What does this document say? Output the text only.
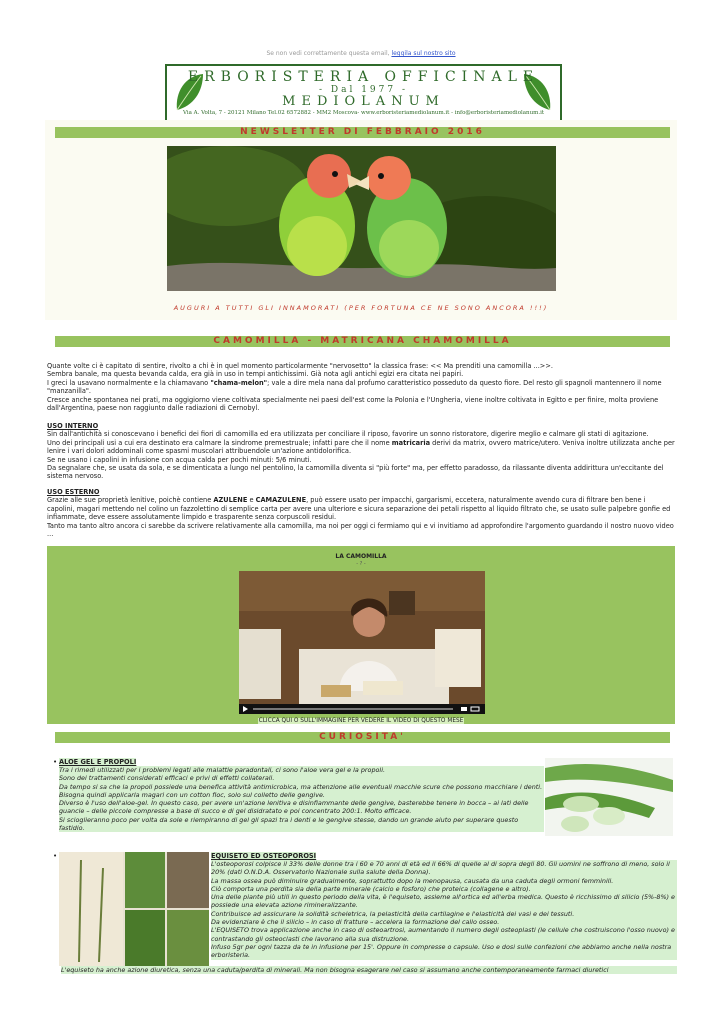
Se non vedi correttamente questa email, leggila sul nostro sito
ERBORISTERIA OFFICINALE
- Dal 1977 -
MEDIOLANUM
Via A. Volta, 7 - 20121 Milano Tel.02 6572882 - MM2 Moscova- www.erboristeriamediolanum.it - info@erboristeriamediolanum.it
NEWSLETTER DI FEBBRAIO 2016
AUGURI A TUTTI GLI INNAMORATI (PER FORTUNA CE NE SONO ANCORA !!!)
CAMOMILLA - MATRICANA CHAMOMILLA

Quante volte ci è capitato di sentire, rivolto a chi è in quel momento particolarmente "nervosetto" la classica frase: << Ma prenditi una camomilla ...>>.

Sembra banale, ma questa bevanda calda, era già in uso in tempi antichissimi. Già nota agli antichi egizi era citata nei papiri.

I greci la usavano normalmente e la chiamavano "chama-melon"; vale a dire mela nana dal profumo caratteristico posseduto da questo fiore. Del resto gli spagnoli mantennero il nome "manzanilla".

Cresce anche spontanea nei prati, ma oggigiorno viene coltivata specialmente nei paesi dell'est come la Polonia e l'Ungheria, viene inoltre coltivata in Egitto e per finire, molta proviene dall'Argentina, paese non raggiunto dalle radiazioni di Cernobyl.

USO INTERNO

Sin dall'antichità si conoscevano i benefici dei fiori di camomilla ed era utilizzata per conciliare il riposo, favorire un sonno ristoratore, digerire meglio e calmare gli stati di agitazione.

Uno dei principali usi a cui era destinato era calmare la sindrome premestruale; infatti pare che il nome matricaria derivi da matrix, ovvero matrice/utero. Veniva inoltre utilizzata anche per lenire i vari dolori addominali come spasmi muscolari attribuendole un'azione antidolorifica.

Se ne usano i capolini in infusione con acqua calda per pochi minuti: 5/6 minuti.

Da segnalare che, se usata da sola, e se dimenticata a lungo nel pentolino, la camomilla diventa si "più forte" ma, per effetto paradosso, da rilassante diventa addirittura un'eccitante del sistema nervoso.

USO ESTERNO

Grazie alle sue proprietà lenitive, poichè contiene AZULENE e CAMAZULENE, può essere usato per impacchi, gargarismi, eccetera, naturalmente avendo cura di filtrare ben bene i capolini, magari mettendo nel colino un fazzolettino di semplice carta per avere una ulteriore e sicura separazione dei petali rispetto al liquido filtrato che, se usato sulle palpebre gonfie ed infiammate, deve essere assolutamente limpido e trasparente senza corpuscoli residui.

Tanto ma tanto altro ancora ci sarebbe da scrivere relativamente alla camomilla, ma noi per oggi ci fermiamo qui e vi invitiamo ad approfondire l'argomento guardando il nostro nuovo video ...

LA CAMOMILLA
- ? -
CLICCA QUI O SULL'IMMAGINE PER VEDERE IL VIDEO DI QUESTO MESE
CURIOSITA'
• ALOE GEL E PROPOLI
Tra i rimedi utilizzati per i problemi legati alle malattie paradontali, ci sono l'aloe vera gel e la propoli.
Sono dei trattamenti considerati efficaci e privi di effetti collaterali.
Da tempo si sa che la propoli possiede una benefica attività antimicrobica, ma attenzione alle eventuali macchie scure che possono macchiare i denti.
Bisogna quindi applicarla magari con un cotton fioc, solo sul colletto delle gengive.
Diverso è l'uso dell'aloe-gel. In questo caso, per avere un'azione lenitiva e disinfiammante delle gengive, basterebbe tenere in bocca – ai lati delle guancie – delle piccole compresse a base di succo e di gel disidratato e poi concentrato 200:1. Molto efficace.
Si scioglieranno poco per volta da sole e riempiranno di gel gli spazi tra i denti e le gengive stesse, dando un grande aiuto per superare questo fastidio.
•	EQUISETO ED OSTEOPOROSI
L'osteoporosi colpisce il 33% delle donne tra i 60 e 70 anni di età ed il 66% di quelle al di sopra degli 80. Gli uomini ne soffrono di meno, solo il 20% (dati O.N.D.A. Osservatorio Nazionale sulla salute della Donna).
La massa ossea può diminuire gradualmente, soprattutto dopo la menopausa, causata da una caduta degli ormoni femminili.
Ciò comporta una perdita sia della parte minerale (calcio e fosforo) che proteica (collagene e altro).
Una delle piante più utili in questo periodo della vita, è l'equiseto, assieme all'ortica ed all'erba medica. Questo è ricchissimo di silicio (5%-8%) e possiede una elevata azione rimineralizzante.
Contribuisce ad assicurare la solidità scheletrica, la pelasticità della cartilagine e l'elasticità dei vasi e dei tessuti.
Da evidenziare è che il silicio – in caso di fratture – accelera la formazione del callo osseo.
L'EQUISETO trova applicazione anche in caso di osteoartrosi, aumentando il numero degli osteoplasti (le cellule che costruiscono l'osso nuovo) e contrastando gli osteoclasti che lavorano alla sua distruzione.
Infuso 5gr per ogni tazza da te in infusione per 15'. Oppure in compresse o capsule. Uso e dosi sulle confezioni che abbiamo anche nella nostra erboristeria.
L'equiseto ha anche azione diuretica, senza una caduta/perdita di minerali. Ma non bisogna esagerare nel caso si assumano anche contemporaneamente farmaci diuretici
